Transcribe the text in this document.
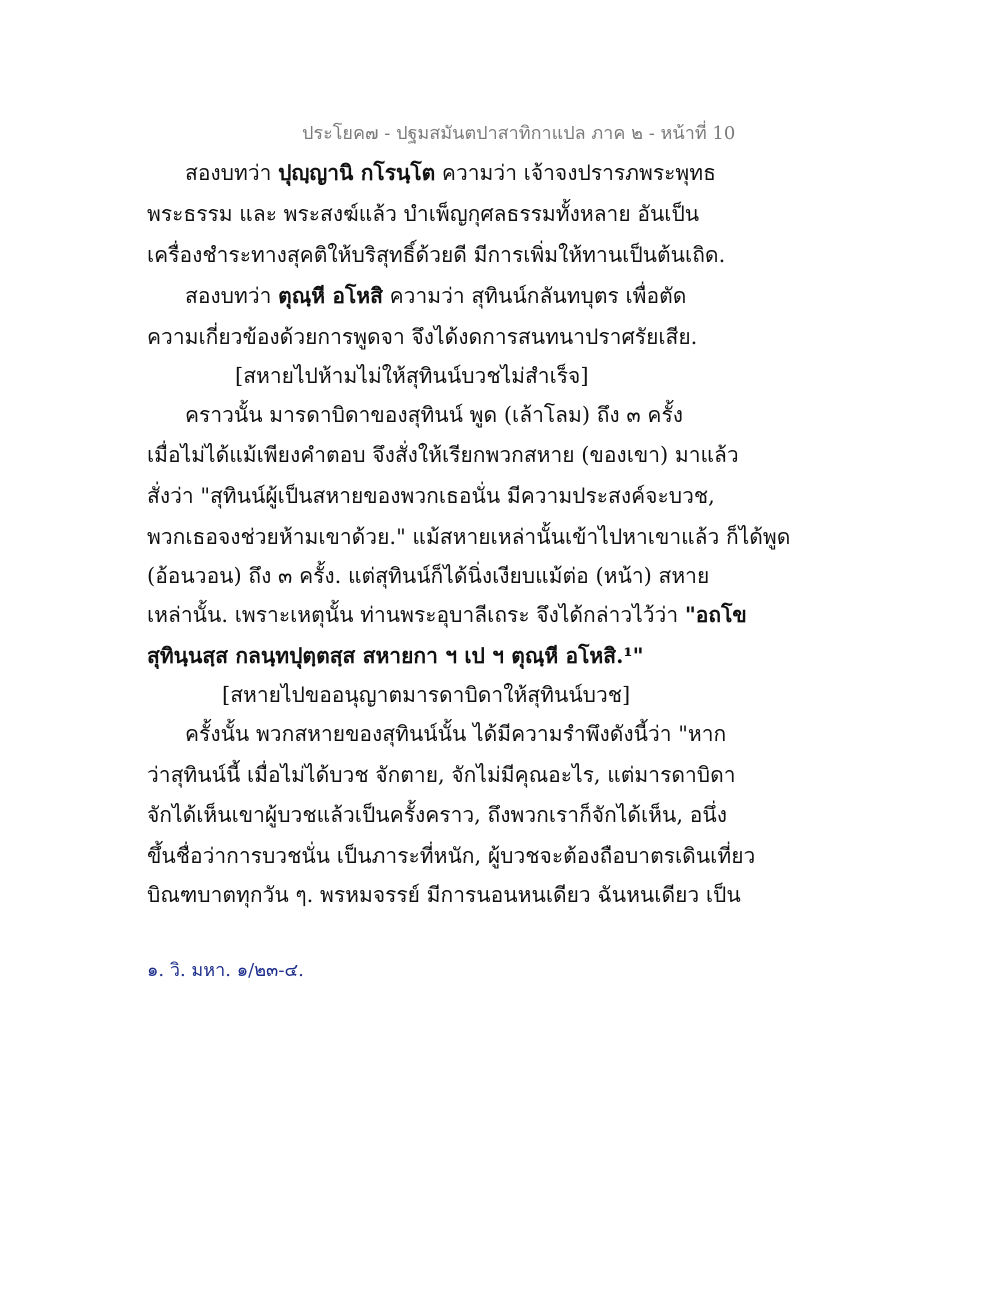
ประโยค๗ - ปฐมสมันตปาสาทิกาแปล ภาค ๒ - หน้าที่ 10
สองบทว่า ปุญฺญานิ กโรนฺโต ความว่า เจ้าจงปรารภพระพุทธ
พระธรรม และ พระสงฆ์แล้ว บำเพ็ญกุศลธรรมทั้งหลาย อันเป็น
เครื่องชำระทางสุคติให้บริสุทธิ์ด้วยดี มีการเพิ่มให้ทานเป็นต้นเถิด.
สองบทว่า ตุณฺหี อโหสิ ความว่า สุทินน์กลันทบุตร เพื่อตัด
ความเกี่ยวข้องด้วยการพูดจา จึงได้งดการสนทนาปราศรัยเสีย.
[สหายไปห้ามไม่ให้สุทินน์บวชไม่สำเร็จ]
คราวนั้น มารดาบิดาของสุทินน์ พูด (เล้าโลม) ถึง ๓ ครั้ง
เมื่อไม่ได้แม้เพียงคำตอบ จึงสั่งให้เรียกพวกสหาย (ของเขา) มาแล้ว
สั่งว่า "สุทินน์ผู้เป็นสหายของพวกเธอนั่น มีความประสงค์จะบวช,
พวกเธอจงช่วยห้ามเขาด้วย." แม้สหายเหล่านั้นเข้าไปหาเขาแล้ว ก็ได้พูด
(อ้อนวอน) ถึง ๓ ครั้ง. แต่สุทินน์ก็ได้นิ่งเงียบแม้ต่อ (หน้า) สหาย
เหล่านั้น. เพราะเหตุนั้น ท่านพระอุบาลีเถระ จึงได้กล่าวไว้ว่า "อถโข
สุทินฺนสฺส กลนฺทปุตฺตสฺส สหายกา ฯ เป ฯ ตุณฺหี อโหสิ.¹"
[สหายไปขออนุญาตมารดาบิดาให้สุทินน์บวช]
ครั้งนั้น พวกสหายของสุทินน์นั้น ได้มีความรำพึงดังนี้ว่า "หาก
ว่าสุทินน์นี้ เมื่อไม่ได้บวช จักตาย, จักไม่มีคุณอะไร, แต่มารดาบิดา
จักได้เห็นเขาผู้บวชแล้วเป็นครั้งคราว, ถึงพวกเราก็จักได้เห็น, อนึ่ง
ขึ้นชื่อว่าการบวชนั่น เป็นภาระที่หนัก, ผู้บวชจะต้องถือบาตรเดินเที่ยว
บิณฑบาตทุกวัน ๆ. พรหมจรรย์ มีการนอนหนเดียว ฉันหนเดียว เป็น
๑. วิ. มหา. ๑/๒๓-๔.
